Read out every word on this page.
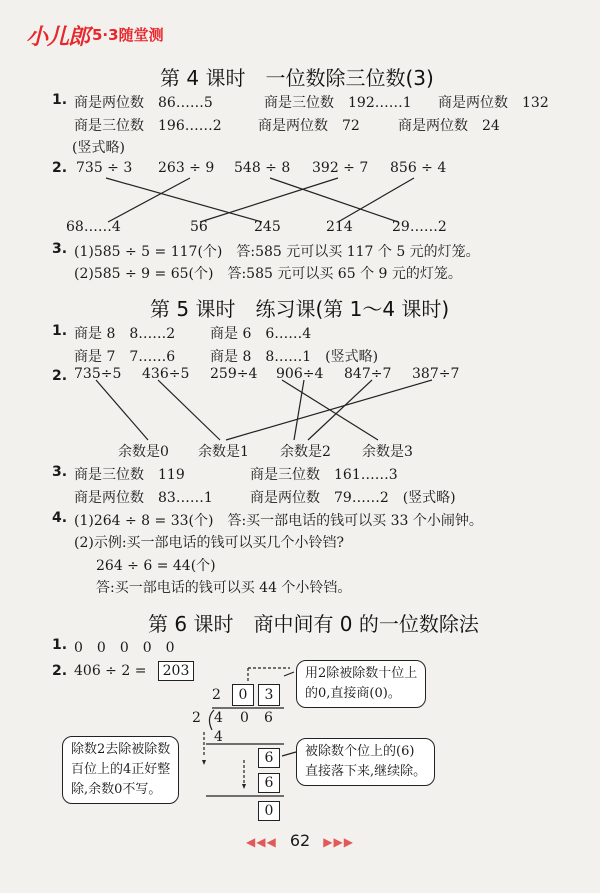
小儿郎 5·3随堂测
第 4 课时　一位数除三位数(3)
1. 商是两位数　86……5	商是三位数　192……1 商是两位数　132
商是三位数　196……2	商是两位数　72	商是两位数　24
(竖式略)
2. 735 ÷ 3 263 ÷ 9 548 ÷ 8 392 ÷ 7 856 ÷ 4
68……4	56	245	214	29……2
3. (1)585 ÷ 5 = 117(个)　答:585 元可以买 117 个 5 元的灯笼。
(2)585 ÷ 9 = 65(个)　答:585 元可以买 65 个 9 元的灯笼。
第 5 课时　练习课(第 1～4 课时)
1. 商是 8　8……2 商是 6　6……4
商是 7　7……6 商是 8　8……1　(竖式略)
2. 735÷5 436÷5 259÷4 906÷4 847÷7 387÷7
余数是0 余数是1 余数是2 余数是3
3. 商是三位数　119	商是三位数　161……3
商是两位数　83……1	商是两位数　79……2　(竖式略)
4. (1)264 ÷ 8 = 33(个)　答:买一部电话的钱可以买 33 个小闹钟。
(2)示例:买一部电话的钱可以买几个小铃铛?
264 ÷ 6 = 44(个)
答:买一部电话的钱可以买 44 个小铃铛。
第 6 课时　商中间有 0 的一位数除法
1. 0　0　0　0　0
2. 406 ÷ 2 =	203
2	0	3
2 4 0 6
4
6
6
0
用2除被除数十位上
的0,直接商(0)。
除数2去除被除数
百位上的4正好整
除,余数0不写。
被除数个位上的(6)
直接落下来,继续除。
◀◀◀ 62 ▶▶▶
